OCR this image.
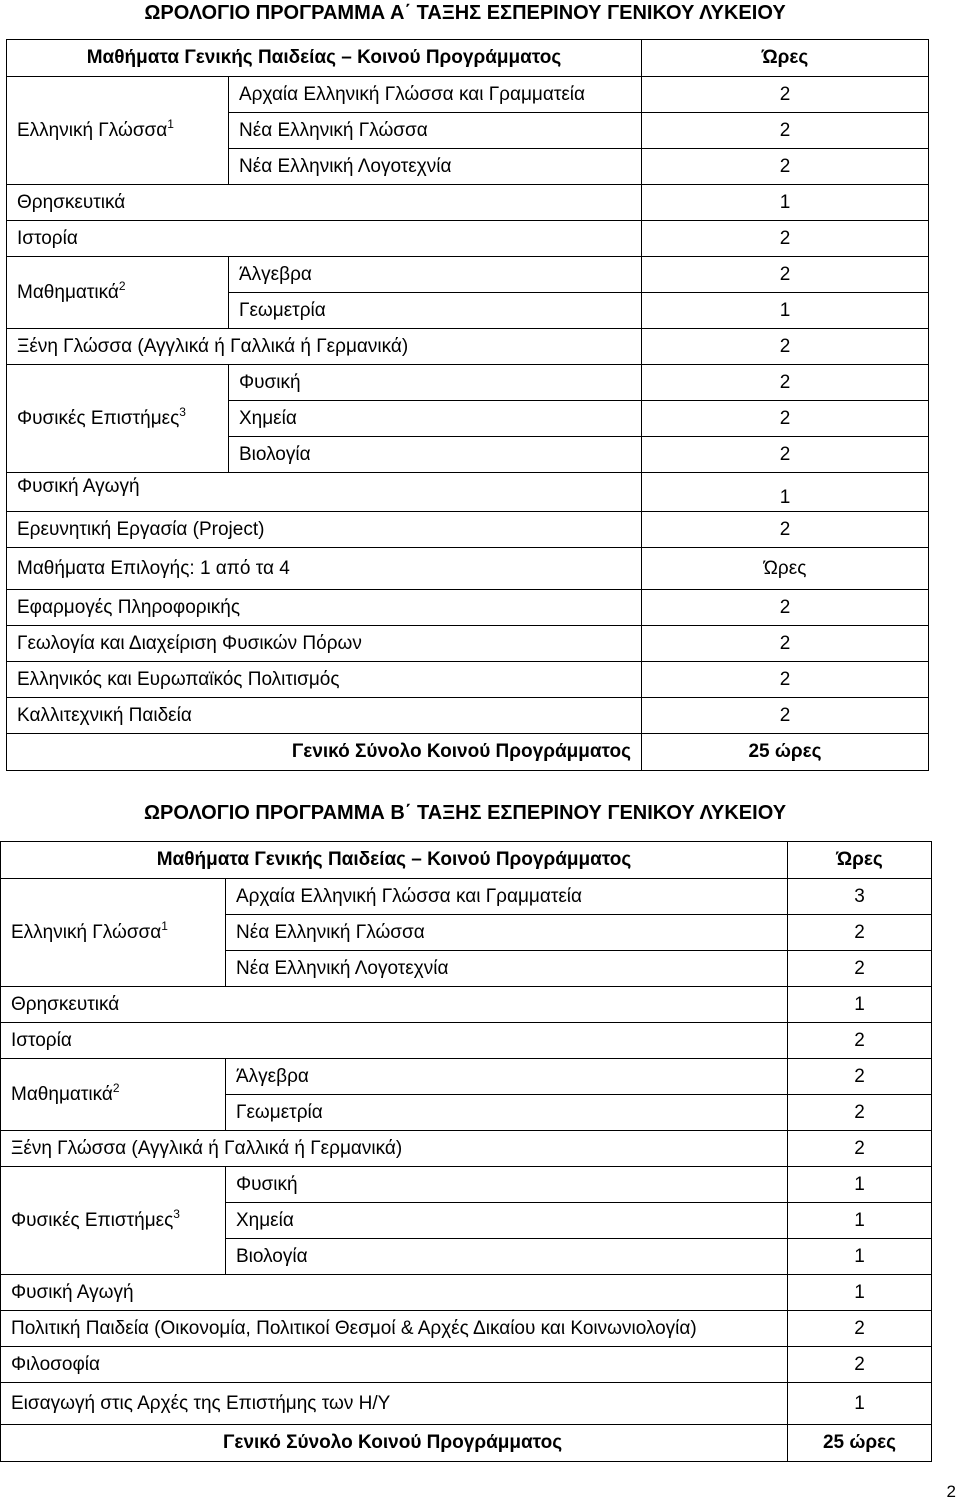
ΩΡΟΛΟΓΙΟ ΠΡΟΓΡΑΜΜΑ Α΄ ΤΑΞΗΣ ΕΣΠΕΡΙΝΟΥ ΓΕΝΙΚΟΥ ΛΥΚΕΙΟΥ
Μαθήματα Γενικής Παιδείας – Κοινού Προγράμματος		Ώρες
Ελληνική Γλώσσα$^1$	Αρχαία Ελληνική Γλώσσα και Γραμματεία	2
	Νέα Ελληνική Γλώσσα	2
	Νέα Ελληνική Λογοτεχνία	2
Θρησκευτικά		1
Ιστορία		2
Μαθηματικά$^2$	Άλγεβρα	2
	Γεωμετρία	1
Ξένη Γλώσσα (Αγγλικά ή Γαλλικά ή Γερμανικά)		2
Φυσικές Επιστήμες$^3$	Φυσική	2
	Χημεία	2
	Βιολογία	2
Φυσική Αγωγή		1
Ερευνητική Εργασία (Project)		2
Μαθήματα Επιλογής: 1 από τα 4		Ώρες
Εφαρμογές Πληροφορικής		2
Γεωλογία και Διαχείριση Φυσικών Πόρων		2
Ελληνικός και Ευρωπαϊκός Πολιτισμός		2
Καλλιτεχνική Παιδεία		2
Γενικό Σύνολο Κοινού Προγράμματος		25 ώρες
ΩΡΟΛΟΓΙΟ ΠΡΟΓΡΑΜΜΑ Β΄ ΤΑΞΗΣ ΕΣΠΕΡΙΝΟΥ ΓΕΝΙΚΟΥ ΛΥΚΕΙΟΥ
Μαθήματα Γενικής Παιδείας – Κοινού Προγράμματος		Ώρες
Ελληνική Γλώσσα$^1$	Αρχαία Ελληνική Γλώσσα και Γραμματεία	3
	Νέα Ελληνική Γλώσσα	2
	Νέα Ελληνική Λογοτεχνία	2
Θρησκευτικά		1
Ιστορία		2
Μαθηματικά$^2$	Άλγεβρα	2
	Γεωμετρία	2
Ξένη Γλώσσα (Αγγλικά ή Γαλλικά ή Γερμανικά)		2
Φυσικές Επιστήμες$^3$	Φυσική	1
	Χημεία	1
	Βιολογία	1
Φυσική Αγωγή		1
Πολιτική Παιδεία (Οικονομία, Πολιτικοί Θεσμοί & Αρχές Δικαίου και Κοινωνιολογία)		2
Φιλοσοφία		2
Εισαγωγή στις Αρχές της Επιστήμης των Η/Υ		1
Γενικό Σύνολο Κοινού Προγράμματος		25 ώρες
2
